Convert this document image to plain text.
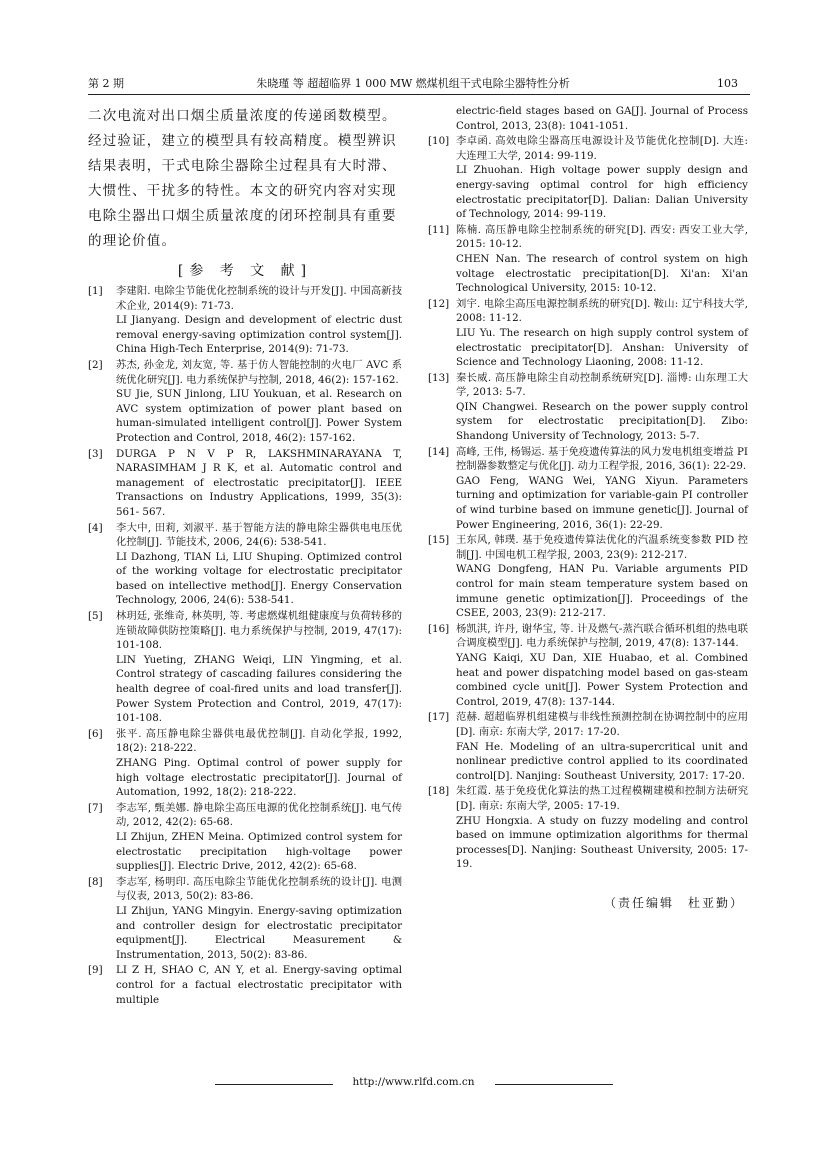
第 2 期	朱晓瑾 等 超超临界 1 000 MW 燃煤机组干式电除尘器特性分析	103

二次电流对出口烟尘质量浓度的传递函数模型。经过验证，建立的模型具有较高精度。模型辨识结果表明，干式电除尘器除尘过程具有大时滞、大惯性、干扰多的特性。本文的研究内容对实现电除尘器出口烟尘质量浓度的闭环控制具有重要的理论价值。

[参 考 文 献]
[1]	李建阳. 电除尘节能优化控制系统的设计与开发[J]. 中国高新技术企业, 2014(9): 71-73.
LI Jianyang. Design and development of electric dust removal energy-saving optimization control system[J]. China High-Tech Enterprise, 2014(9): 71-73.
[2]	苏杰, 孙金龙, 刘友宽, 等. 基于仿人智能控制的火电厂 AVC 系统优化研究[J]. 电力系统保护与控制, 2018, 46(2): 157-162.
SU Jie, SUN Jinlong, LIU Youkuan, et al. Research on AVC system optimization of power plant based on human-simulated intelligent control[J]. Power System Protection and Control, 2018, 46(2): 157-162.
[3]	DURGA P N V P R, LAKSHMINARAYANA T, NARASIMHAM J R K, et al. Automatic control and management of electrostatic precipitator[J]. IEEE Transactions on Industry Applications, 1999, 35(3): 561- 567.
[4]	李大中, 田莉, 刘淑平. 基于智能方法的静电除尘器供电电压优化控制[J]. 节能技术, 2006, 24(6): 538-541.
LI Dazhong, TIAN Li, LIU Shuping. Optimized control of the working voltage for electrostatic precipitator based on intellective method[J]. Energy Conservation Technology, 2006, 24(6): 538-541.
[5]	林玥廷, 张维奇, 林英明, 等. 考虑燃煤机组健康度与负荷转移的连锁故障供防控策略[J]. 电力系统保护与控制, 2019, 47(17): 101-108.
LIN Yueting, ZHANG Weiqi, LIN Yingming, et al. Control strategy of cascading failures considering the health degree of coal-fired units and load transfer[J]. Power System Protection and Control, 2019, 47(17): 101-108.
[6]	张平. 高压静电除尘器供电最优控制[J]. 自动化学报, 1992, 18(2): 218-222.
ZHANG Ping. Optimal control of power supply for high voltage electrostatic precipitator[J]. Journal of Automation, 1992, 18(2): 218-222.
[7]	李志军, 甄美娜. 静电除尘高压电源的优化控制系统[J]. 电气传动, 2012, 42(2): 65-68.
LI Zhijun, ZHEN Meina. Optimized control system for electrostatic precipitation high-voltage power supplies[J]. Electric Drive, 2012, 42(2): 65-68.
[8]	李志军, 杨明印. 高压电除尘节能优化控制系统的设计[J]. 电测与仪表, 2013, 50(2): 83-86.
LI Zhijun, YANG Mingyin. Energy-saving optimization and controller design for electrostatic precipitator equipment[J]. Electrical Measurement & Instrumentation, 2013, 50(2): 83-86.
[9]	LI Z H, SHAO C, AN Y, et al. Energy-saving optimal control for a factual electrostatic precipitator with multiple
electric-field stages based on GA[J]. Journal of Process Control, 2013, 23(8): 1041-1051.
[10] 李卓函. 高效电除尘器高压电源设计及节能优化控制[D]. 大连: 大连理工大学, 2014: 99-119.
LI Zhuohan. High voltage power supply design and energy-saving optimal control for high efficiency electrostatic precipitator[D]. Dalian: Dalian University of Technology, 2014: 99-119.
[11] 陈楠. 高压静电除尘控制系统的研究[D]. 西安: 西安工业大学, 2015: 10-12.
CHEN Nan. The research of control system on high voltage electrostatic precipitation[D]. Xi'an: Xi'an Technological University, 2015: 10-12.
[12] 刘宇. 电除尘高压电源控制系统的研究[D]. 鞍山: 辽宁科技大学, 2008: 11-12.
LIU Yu. The research on high supply control system of electrostatic precipitator[D]. Anshan: University of Science and Technology Liaoning, 2008: 11-12.
[13] 秦长威. 高压静电除尘自动控制系统研究[D]. 淄博: 山东理工大学, 2013: 5-7.
QIN Changwei. Research on the power supply control system for electrostatic precipitation[D]. Zibo: Shandong University of Technology, 2013: 5-7.
[14] 高峰, 王伟, 杨锡运. 基于免疫遗传算法的风力发电机组变增益 PI 控制器参数整定与优化[J]. 动力工程学报, 2016, 36(1): 22-29.
GAO Feng, WANG Wei, YANG Xiyun. Parameters turning and optimization for variable-gain PI controller of wind turbine based on immune genetic[J]. Journal of Power Engineering, 2016, 36(1): 22-29.
[15] 王东风, 韩璞. 基于免疫遗传算法优化的汽温系统变参数 PID 控制[J]. 中国电机工程学报, 2003, 23(9): 212-217.
WANG Dongfeng, HAN Pu. Variable arguments PID control for main steam temperature system based on immune genetic optimization[J]. Proceedings of the CSEE, 2003, 23(9): 212-217.
[16] 杨凯淇, 许丹, 谢华宝, 等. 计及燃气-蒸汽联合循环机组的热电联合调度模型[J]. 电力系统保护与控制, 2019, 47(8): 137-144.
YANG Kaiqi, XU Dan, XIE Huabao, et al. Combined heat and power dispatching model based on gas-steam combined cycle unit[J]. Power System Protection and Control, 2019, 47(8): 137-144.
[17] 范赫. 超超临界机组建模与非线性预测控制在协调控制中的应用[D]. 南京: 东南大学, 2017: 17-20.
FAN He. Modeling of an ultra-supercritical unit and nonlinear predictive control applied to its coordinated control[D]. Nanjing: Southeast University, 2017: 17-20.
[18] 朱红霞. 基于免疫优化算法的热工过程模糊建模和控制方法研究[D]. 南京: 东南大学, 2005: 17-19.
ZHU Hongxia. A study on fuzzy modeling and control based on immune optimization algorithms for thermal processes[D]. Nanjing: Southeast University, 2005: 17-19.
（责任编辑　杜亚勤）
http://www.rlfd.com.cn
